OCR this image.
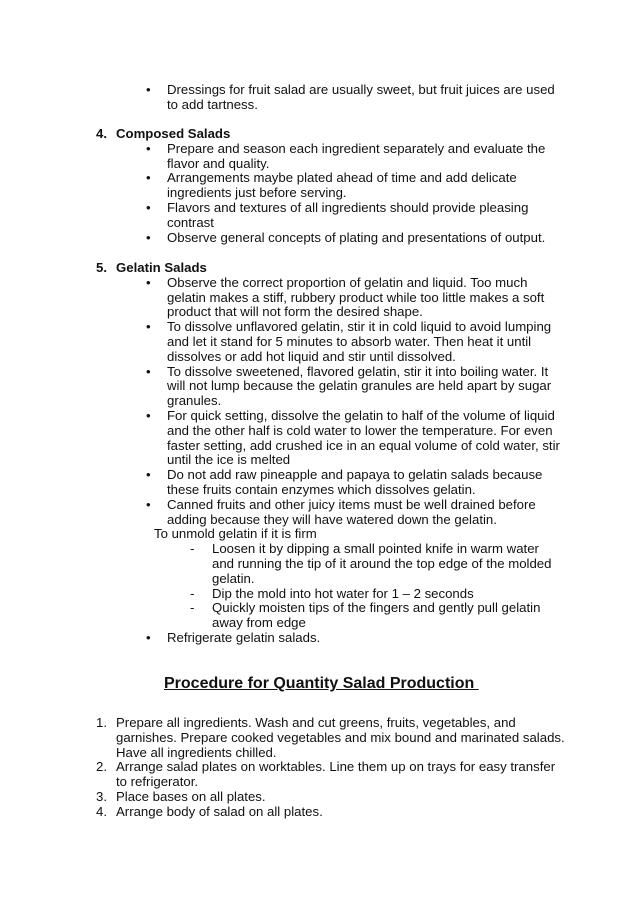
• Dressings for fruit salad are usually sweet, but fruit juices are used to add tartness.
4. Composed Salads
• Prepare and season each ingredient separately and evaluate the flavor and quality.
• Arrangements maybe plated ahead of time and add delicate ingredients just before serving.
• Flavors and textures of all ingredients should provide pleasing contrast
• Observe general concepts of plating and presentations of output.
5. Gelatin Salads
• Observe the correct proportion of gelatin and liquid. Too much gelatin makes a stiff, rubbery product while too little makes a soft product that will not form the desired shape.
• To dissolve unflavored gelatin, stir it in cold liquid to avoid lumping and let it stand for 5 minutes to absorb water. Then heat it until dissolves or add hot liquid and stir until dissolved.
• To dissolve sweetened, flavored gelatin, stir it into boiling water. It will not lump because the gelatin granules are held apart by sugar granules.
• For quick setting, dissolve the gelatin to half of the volume of liquid and the other half is cold water to lower the temperature. For even faster setting, add crushed ice in an equal volume of cold water, stir until the ice is melted
• Do not add raw pineapple and papaya to gelatin salads because these fruits contain enzymes which dissolves gelatin.
• Canned fruits and other juicy items must be well drained before adding because they will have watered down the gelatin.
To unmold gelatin if it is firm
- Loosen it by dipping a small pointed knife in warm water and running the tip of it around the top edge of the molded gelatin.
- Dip the mold into hot water for 1 – 2 seconds
- Quickly moisten tips of the fingers and gently pull gelatin away from edge
• Refrigerate gelatin salads.
Procedure for Quantity Salad Production
1. Prepare all ingredients. Wash and cut greens, fruits, vegetables, and garnishes. Prepare cooked vegetables and mix bound and marinated salads. Have all ingredients chilled.
2. Arrange salad plates on worktables. Line them up on trays for easy transfer to refrigerator.
3. Place bases on all plates.
4. Arrange body of salad on all plates.
